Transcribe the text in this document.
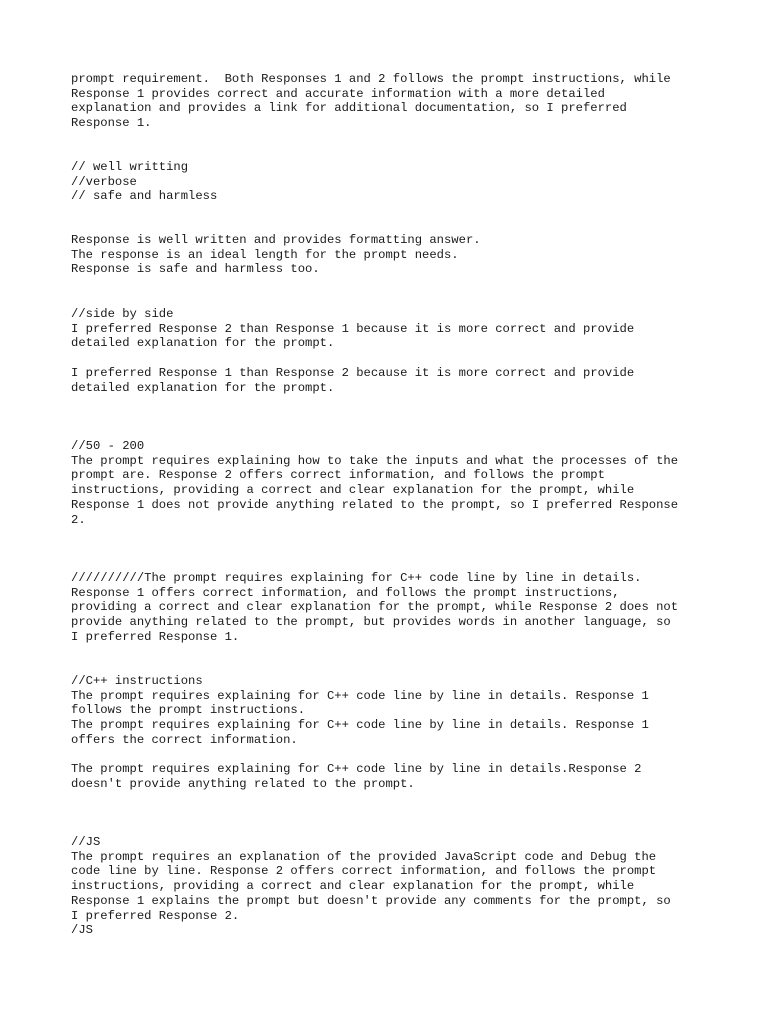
prompt requirement.  Both Responses 1 and 2 follows the prompt instructions, while
Response 1 provides correct and accurate information with a more detailed
explanation and provides a link for additional documentation, so I preferred
Response 1.
// well writting
//verbose
// safe and harmless
Response is well written and provides formatting answer.
The response is an ideal length for the prompt needs.
Response is safe and harmless too.
//side by side
I preferred Response 2 than Response 1 because it is more correct and provide
detailed explanation for the prompt.
I preferred Response 1 than Response 2 because it is more correct and provide
detailed explanation for the prompt.
//50 - 200
The prompt requires explaining how to take the inputs and what the processes of the
prompt are. Response 2 offers correct information, and follows the prompt
instructions, providing a correct and clear explanation for the prompt, while
Response 1 does not provide anything related to the prompt, so I preferred Response
2.
//////////The prompt requires explaining for C++ code line by line in details.
Response 1 offers correct information, and follows the prompt instructions,
providing a correct and clear explanation for the prompt, while Response 2 does not
provide anything related to the prompt, but provides words in another language, so
I preferred Response 1.
//C++ instructions
The prompt requires explaining for C++ code line by line in details. Response 1
follows the prompt instructions.
The prompt requires explaining for C++ code line by line in details. Response 1
offers the correct information.
The prompt requires explaining for C++ code line by line in details.Response 2
doesn't provide anything related to the prompt.
//JS
The prompt requires an explanation of the provided JavaScript code and Debug the
code line by line. Response 2 offers correct information, and follows the prompt
instructions, providing a correct and clear explanation for the prompt, while
Response 1 explains the prompt but doesn't provide any comments for the prompt, so
I preferred Response 2.
/JS
